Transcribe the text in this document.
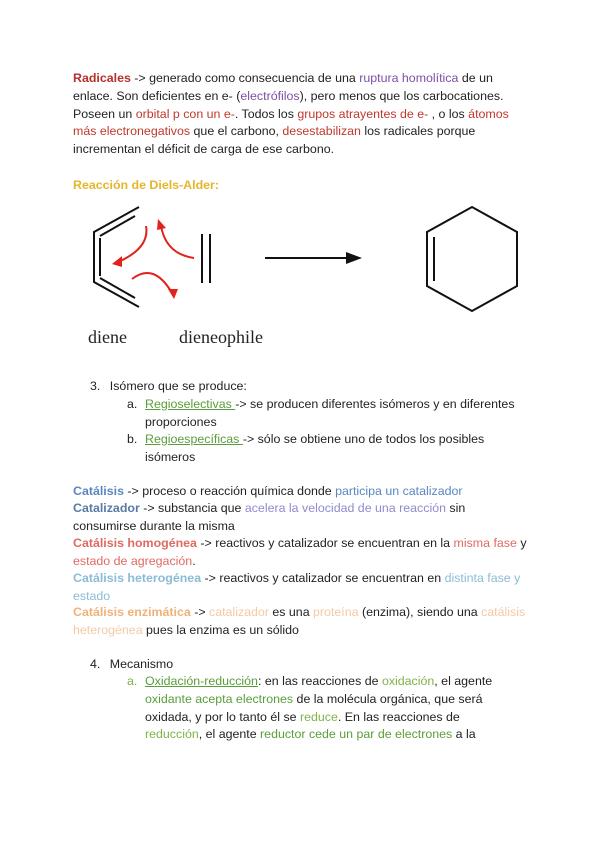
Radicales -> generado como consecuencia de una ruptura homolítica de un enlace. Son deficientes en e- (electrófilos), pero menos que los carbocationes. Poseen un orbital p con un e-. Todos los grupos atrayentes de e- , o los átomos más electronegativos que el carbono, desestabilizan los radicales porque incrementan el déficit de carga de ese carbono.
Reacción de Diels-Alder:
diene	dieneophile
3. Isómero que se produce:
a. Regioselectivas -> se producen diferentes isómeros y en diferentes proporciones
b. Regioespecíficas -> sólo se obtiene uno de todos los posibles isómeros
Catálisis -> proceso o reacción química donde participa un catalizador
Catalizador -> substancia que acelera la velocidad de una reacción sin consumirse durante la misma
Catálisis homogénea -> reactivos y catalizador se encuentran en la misma fase y estado de agregación.
Catálisis heterogénea -> reactivos y catalizador se encuentran en distinta fase y estado
Catálisis enzimática -> catalizador es una proteína (enzima), siendo una catálisis heterogénea pues la enzima es un sólido
4. Mecanismo
a. Oxidación-reducción: en las reacciones de oxidación, el agente oxidante acepta electrones de la molécula orgánica, que será oxidada, y por lo tanto él se reduce. En las reacciones de reducción, el agente reductor cede un par de electrones a la
